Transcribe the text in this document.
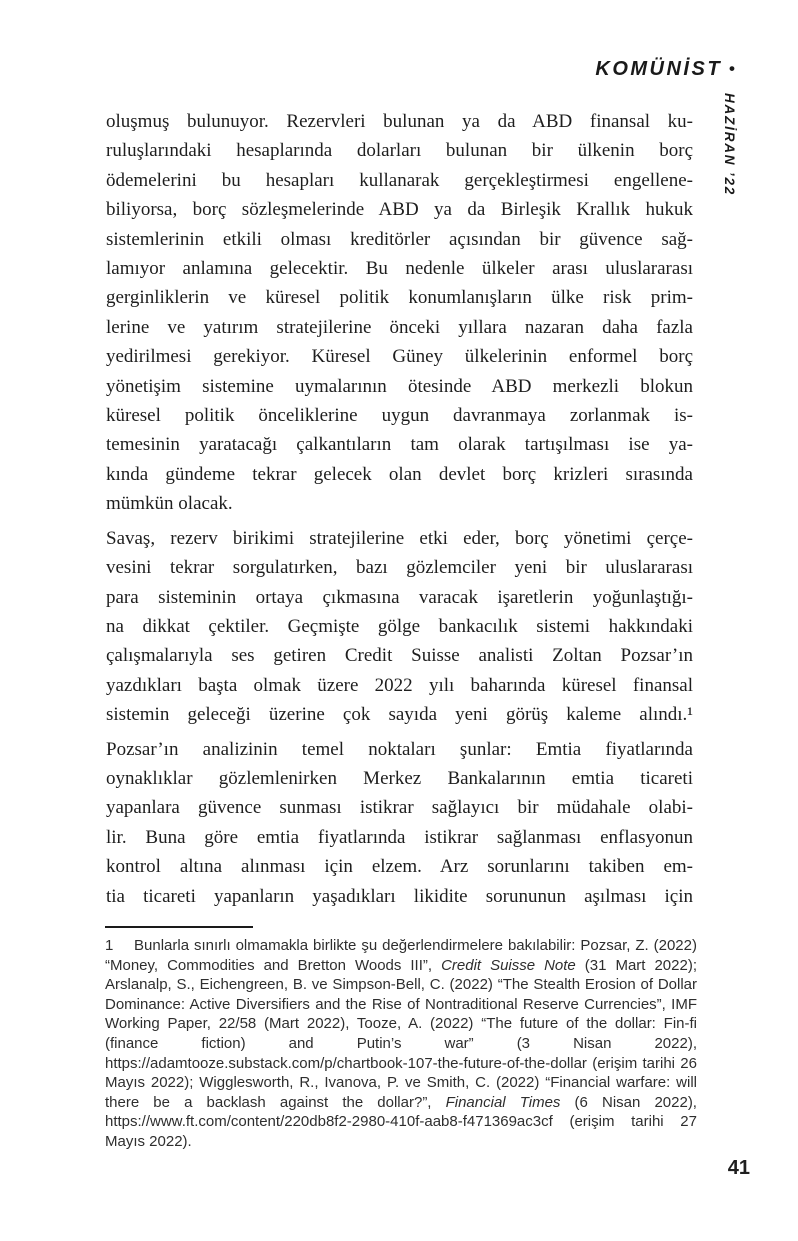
KOMÜNİST •
HAZİRAN ’22
oluşmuş bulunuyor. Rezervleri bulunan ya da ABD finansal ku-
ruluşlarındaki hesaplarında dolarları bulunan bir ülkenin borç
ödemelerini bu hesapları kullanarak gerçekleştirmesi engellene-
biliyorsa, borç sözleşmelerinde ABD ya da Birleşik Krallık hukuk
sistemlerinin etkili olması kreditörler açısından bir güvence sağ-
lamıyor anlamına gelecektir. Bu nedenle ülkeler arası uluslararası
gerginliklerin ve küresel politik konumlanışların ülke risk prim-
lerine ve yatırım stratejilerine önceki yıllara nazaran daha fazla
yedirilmesi gerekiyor. Küresel Güney ülkelerinin enformel borç
yönetişim sistemine uymalarının ötesinde ABD merkezli blokun
küresel politik önceliklerine uygun davranmaya zorlanmak is-
temesinin yaratacağı çalkantıların tam olarak tartışılması ise ya-
kında gündeme tekrar gelecek olan devlet borç krizleri sırasında
mümkün olacak.
Savaş, rezerv birikimi stratejilerine etki eder, borç yönetimi çerçe-
vesini tekrar sorgulatırken, bazı gözlemciler yeni bir uluslararası
para sisteminin ortaya çıkmasına varacak işaretlerin yoğunlaştığı-
na dikkat çektiler. Geçmişte gölge bankacılık sistemi hakkındaki
çalışmalarıyla ses getiren Credit Suisse analisti Zoltan Pozsar’ın
yazdıkları başta olmak üzere 2022 yılı baharında küresel finansal
sistemin geleceği üzerine çok sayıda yeni görüş kaleme alındı.¹
Pozsar’ın analizinin temel noktaları şunlar: Emtia fiyatlarında
oynaklıklar gözlemlenirken Merkez Bankalarının emtia ticareti
yapanlara güvence sunması istikrar sağlayıcı bir müdahale olabi-
lir. Buna göre emtia fiyatlarında istikrar sağlanması enflasyonun
kontrol altına alınması için elzem. Arz sorunlarını takiben em-
tia ticareti yapanların yaşadıkları likidite sorununun aşılması için
1 Bunlarla sınırlı olmamakla birlikte şu değerlendirmelere bakılabilir: Pozsar, Z. (2022) “Money, Commodities and Bretton Woods III”, Credit Suisse Note (31 Mart 2022); Arslanalp, S., Eichengreen, B. ve Simpson-Bell, C. (2022) “The Stealth Erosion of Dollar Dominance: Active Diversifiers and the Rise of Nontraditional Reserve Currencies”, IMF Working Paper, 22/58 (Mart 2022), Tooze, A. (2022) “The future of the dollar: Fin-fi (finance fiction) and Putin’s war” (3 Nisan 2022), https://adamtooze.substack.com/p/chartbook-107-the-future-of-the-dollar (erişim tarihi 26 Mayıs 2022); Wigglesworth, R., Ivanova, P. ve Smith, C. (2022) “Financial warfare: will there be a backlash against the dollar?”, Financial Times (6 Nisan 2022), https://www.ft.com/content/220db8f2-2980-410f-aab8-f471369ac3cf (erişim tarihi 27 Mayıs 2022).
41
